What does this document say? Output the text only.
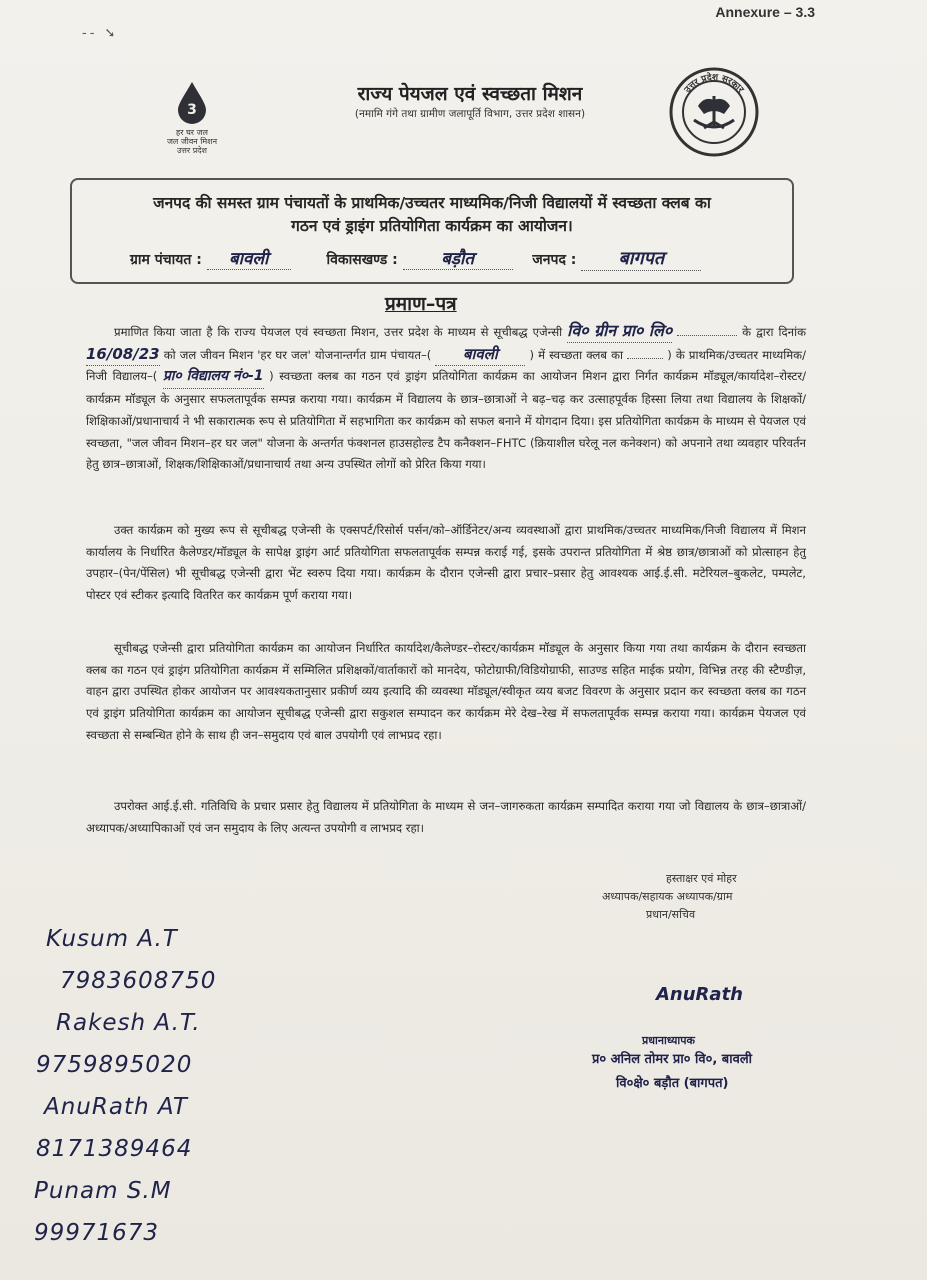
Annexure – 3.3
-- ➘
3
हर घर जल
जल जीवन मिशन
उत्तर प्रदेश
उत्तर प्रदेश सरकार
राज्य पेयजल एवं स्वच्छता मिशन
(नमामि गंगे तथा ग्रामीण जलापूर्ति विभाग, उत्तर प्रदेश शासन)
जनपद की समस्त ग्राम पंचायतों के प्राथमिक/उच्चतर माध्यमिक/निजी विद्यालयों में स्वच्छता क्लब का
गठन एवं ड्राइंग प्रतियोगिता कार्यक्रम का आयोजन।
ग्राम पंचायत : बावली	विकासखण्ड :	बड़ौत	जनपद : बागपत
प्रमाण–पत्र
प्रमाणित किया जाता है कि राज्य पेयजल एवं स्वच्छता मिशन, उत्तर प्रदेश के माध्यम से सूचीबद्ध एजेन्सी वि० ग्रीन प्रा० लि०	के द्वारा दिनांक 16/08/23 को जल जीवन मिशन 'हर घर जल' योजनान्तर्गत ग्राम पंचायत–( बावली	) में स्वच्छता क्लब का	) के प्राथमिक/उच्चतर माध्यमिक/निजी विद्यालय–( प्रा० विद्यालय नं०-1 ) स्वच्छता क्लब का गठन एवं ड्राइंग प्रतियोगिता कार्यक्रम का आयोजन मिशन द्वारा निर्गत कार्यक्रम मॉड्यूल/कार्यादेश–रोस्टर/कार्यक्रम मॉड्यूल के अनुसार सफलतापूर्वक सम्पन्न कराया गया। कार्यक्रम में विद्यालय के छात्र–छात्राओं ने बढ़–चढ़ कर उत्साहपूर्वक हिस्सा लिया तथा विद्यालय के शिक्षकों/शिक्षिकाओं/प्रधानाचार्य ने भी सकारात्मक रूप से प्रतियोगिता में सहभागिता कर कार्यक्रम को सफल बनाने में योगदान दिया। इस प्रतियोगिता कार्यक्रम के माध्यम से पेयजल एवं स्वच्छता, "जल जीवन मिशन–हर घर जल" योजना के अन्तर्गत फंक्शनल हाउसहोल्ड टैप कनैक्शन–FHTC (क्रियाशील घरेलू नल कनेक्शन) को अपनाने तथा व्यवहार परिवर्तन हेतु छात्र–छात्राओं, शिक्षक/शिक्षिकाओं/प्रधानाचार्य तथा अन्य उपस्थित लोगों को प्रेरित किया गया।
उक्त कार्यक्रम को मुख्य रूप से सूचीबद्ध एजेन्सी के एक्सपर्ट/रिसोर्स पर्सन/को–ऑर्डिनेटर/अन्य व्यवस्थाओं द्वारा प्राथमिक/उच्चतर माध्यमिक/निजी विद्यालय में मिशन कार्यालय के निर्धारित कैलेण्डर/मॉड्यूल के सापेक्ष ड्राइंग आर्ट प्रतियोगिता सफलतापूर्वक सम्पन्न कराई गई, इसके उपरान्त प्रतियोगिता में श्रेष्ठ छात्र/छात्राओं को प्रोत्साहन हेतु उपहार–(पेन/पेंसिल) भी सूचीबद्ध एजेन्सी द्वारा भेंट स्वरुप दिया गया। कार्यक्रम के दौरान एजेन्सी द्वारा प्रचार–प्रसार हेतु आवश्यक आई.ई.सी. मटेरियल–बुकलेट, पम्पलेट, पोस्टर एवं स्टीकर इत्यादि वितरित कर कार्यक्रम पूर्ण कराया गया।
सूचीबद्ध एजेन्सी द्वारा प्रतियोगिता कार्यक्रम का आयोजन निर्धारित कार्यादेश/कैलेण्डर–रोस्टर/कार्यक्रम मॉड्यूल के अनुसार किया गया तथा कार्यक्रम के दौरान स्वच्छता क्लब का गठन एवं ड्राइंग प्रतियोगिता कार्यक्रम में सम्मिलित प्रशिक्षकों/वार्ताकारों को मानदेय, फोटोग्राफी/विडियोग्राफी, साउण्ड सहित माईक प्रयोग, विभिन्न तरह की स्टैण्डीज़, वाहन द्वारा उपस्थित होकर आयोजन पर आवश्यकतानुसार प्रकीर्ण व्यय इत्यादि की व्यवस्था मॉड्यूल/स्वीकृत व्यय बजट विवरण के अनुसार प्रदान कर स्वच्छता क्लब का गठन एवं ड्राइंग प्रतियोगिता कार्यक्रम का आयोजन सूचीबद्ध एजेन्सी द्वारा सकुशल सम्पादन कर कार्यक्रम मेरे देख–रेख में सफलतापूर्वक सम्पन्न कराया गया। कार्यक्रम पेयजल एवं स्वच्छता से सम्बन्धित होने के साथ ही जन–समुदाय एवं बाल उपयोगी एवं लाभप्रद रहा।
उपरोक्त आई.ई.सी. गतिविधि के प्रचार प्रसार हेतु विद्यालय में प्रतियोगिता के माध्यम से जन–जागरुकता कार्यक्रम सम्पादित कराया गया जो विद्यालय के छात्र–छात्राओं/अध्यापक/अध्यापिकाओं एवं जन समुदाय के लिए अत्यन्त उपयोगी व लाभप्रद रहा।
हस्ताक्षर एवं मोहर
अध्यापक/सहायक अध्यापक/ग्राम
प्रधान/सचिव
AnuRath
प्रधानाध्यापक
प्र० अनिल तोमर प्रा० वि०, बावली
वि०क्षे० बड़ौत (बागपत)
Kusum A.T
7983608750
Rakesh A.T.
9759895020
AnuRath AT
8171389464
Punam S.M
99971673
